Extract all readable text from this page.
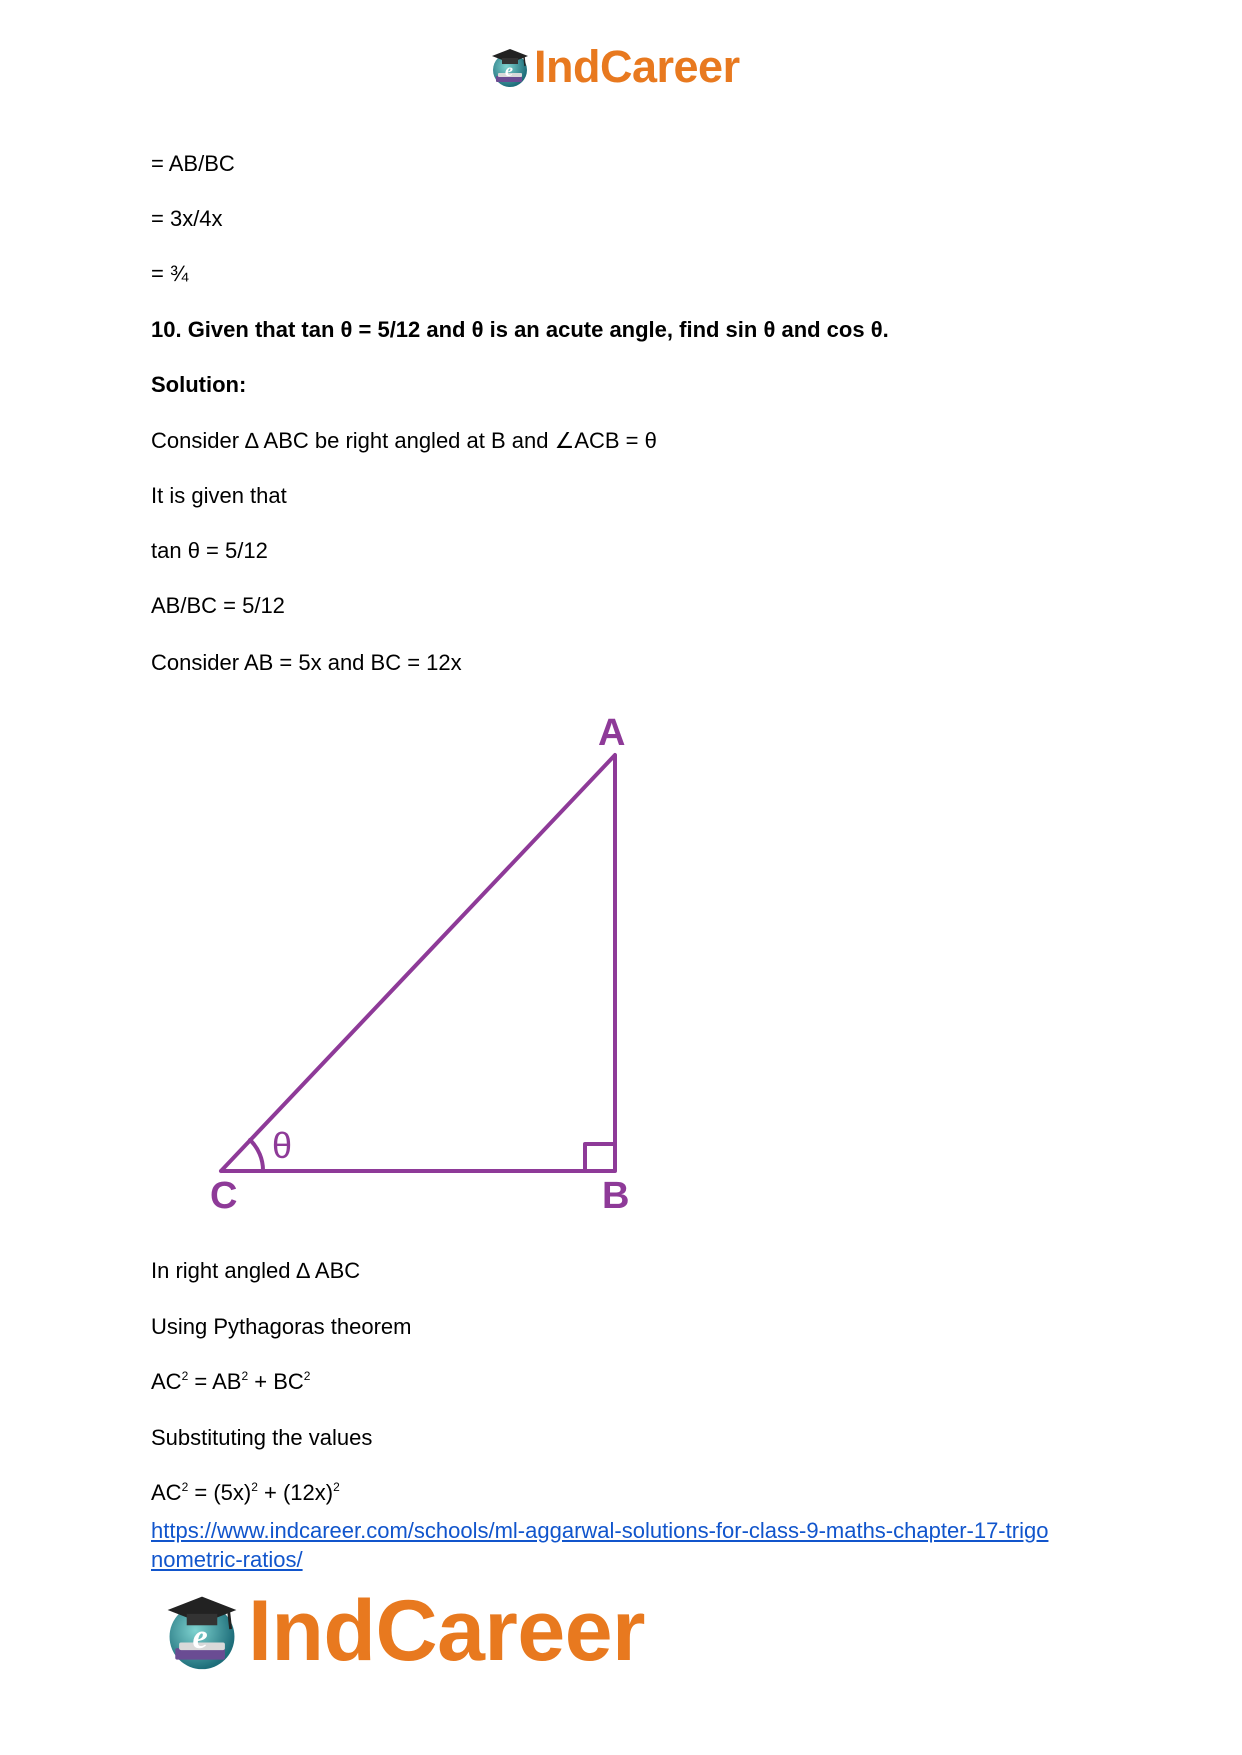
e IndCareer
= AB/BC
= 3x/4x
= ¾
10. Given that tan θ = 5/12 and θ is an acute angle, find sin θ and cos θ.
Solution:
Consider ∆ ABC be right angled at B and ∠ACB = θ
It is given that
tan θ = 5/12
AB/BC = 5/12
Consider AB = 5x and BC = 12x
A
B
C
θ
In right angled ∆ ABC
Using Pythagoras theorem
$AC^2 = AB^2 + BC^2$
Substituting the values
$AC^2 = (5x)^2 + (12x)^2$
https://www.indcareer.com/schools/ml-aggarwal-solutions-for-class-9-maths-chapter-17-trigo
nometric-ratios/
e IndCareer
